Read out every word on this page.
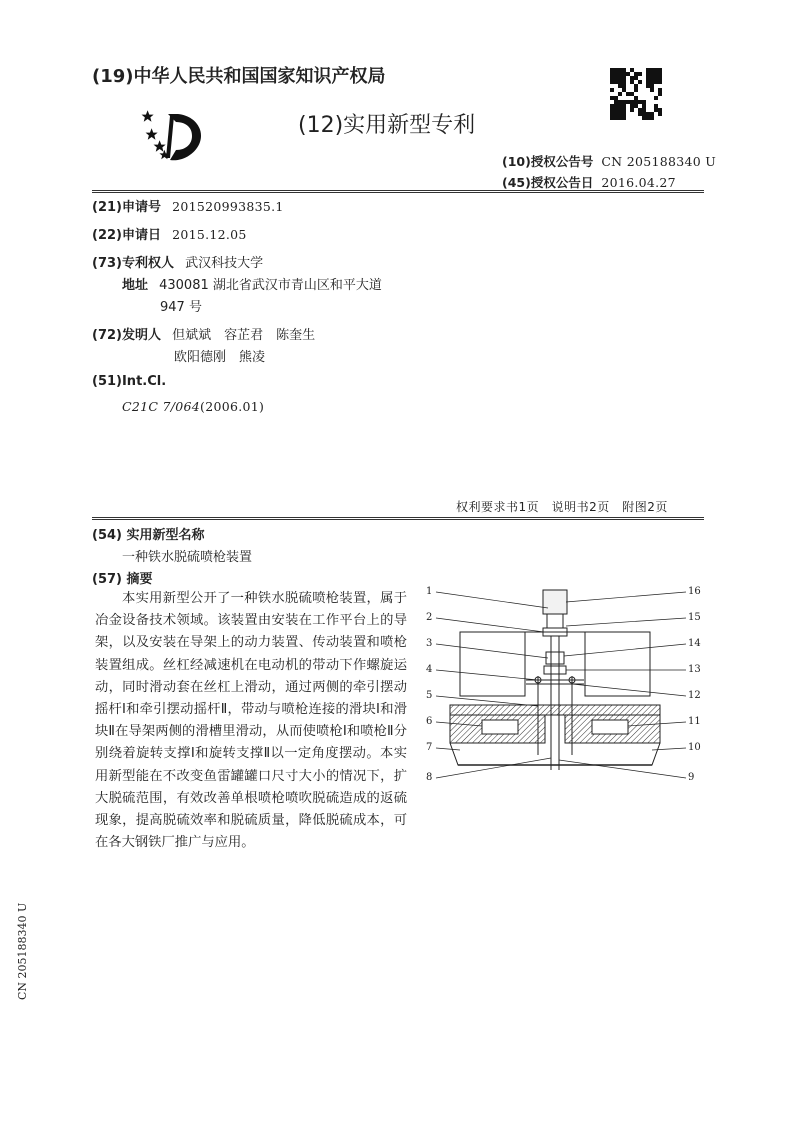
(19)中华人民共和国国家知识产权局
(12)实用新型专利
(10)授权公告号 CN 205188340 U
(45)授权公告日 2016.04.27
(21)申请号 201520993835.1
(22)申请日 2015.12.05
(73)专利权人 武汉科技大学
地址 430081 湖北省武汉市青山区和平大道
947 号
(72)发明人 但斌斌　容芷君　陈奎生
欧阳德刚　熊凌
(51)Int.Cl.
C21C 7/064(2006.01)
权利要求书1页　说明书2页　附图2页
(54) 实用新型名称
一种铁水脱硫喷枪装置
(57) 摘要

本实用新型公开了一种铁水脱硫喷枪装置，属于冶金设备技术领域。该装置由安装在工作平台上的导架，以及安装在导架上的动力装置、传动装置和喷枪装置组成。丝杠经减速机在电动机的带动下作螺旋运动，同时滑动套在丝杠上滑动，通过两侧的牵引摆动摇杆Ⅰ和牵引摆动摇杆Ⅱ，带动与喷枪连接的滑块Ⅰ和滑块Ⅱ在导架两侧的滑槽里滑动，从而使喷枪Ⅰ和喷枪Ⅱ分别绕着旋转支撑Ⅰ和旋转支撑Ⅱ以一定角度摆动。本实用新型能在不改变鱼雷罐罐口尺寸大小的情况下，扩大脱硫范围，有效改善单根喷枪喷吹脱硫造成的返硫现象，提高脱硫效率和脱硫质量，降低脱硫成本，可在各大钢铁厂推广与应用。

1
2
3
4
5
6
7
8
16
15
14
13
12
11
10
9
CN 205188340 U
